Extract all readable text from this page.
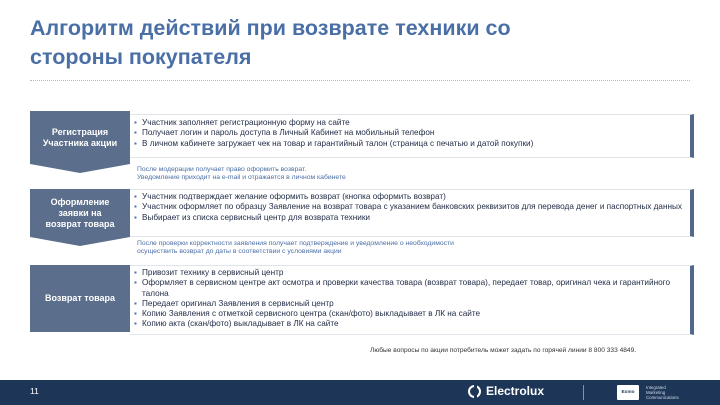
Алгоритм действий при возврате техники со
стороны покупателя
Регистрация
Участника акции
▪ Участник заполняет регистрационную форму на сайте
▪ Получает логин и пароль доступа в Личный Кабинет на мобильный телефон
▪ В личном кабинете загружает чек на товар и гарантийный талон (страница с печатью и датой покупки)
После модерации получает право оформить возврат.
Уведомление приходит на e-mail и отражается в личном кабинете
Оформление
заявки на
возврат товара
▪ Участник подтверждает желание оформить возврат (кнопка оформить возврат)
▪ Участник оформляет по образцу Заявление на возврат товара с указанием банковских реквизитов для перевода денег и паспортных данных
▪ Выбирает из списка сервисный центр для возврата техники
После проверки корректности заявления получает подтверждение и уведомление о необходимости
осуществить возврат до даты в соответствии с условиями акции
Возврат товара
▪ Привозит технику в сервисный центр
▪ Оформляет в сервисном центре акт осмотра и проверки качества товара (возврат товара), передает товар, оригинал чека и гарантийного талона
▪ Передает оригинал Заявления в сервисный центр
▪ Копию Заявления с отметкой сервисного центра (скан/фото) выкладывает в ЛК на сайте
▪ Копию акта (скан/фото) выкладывает в ЛК на сайте
Любые вопросы по акции потребитель может задать по горячей линии 8 800 333 4849.
11	Electrolux	Exmo
Integrated
Marketing
Communications
